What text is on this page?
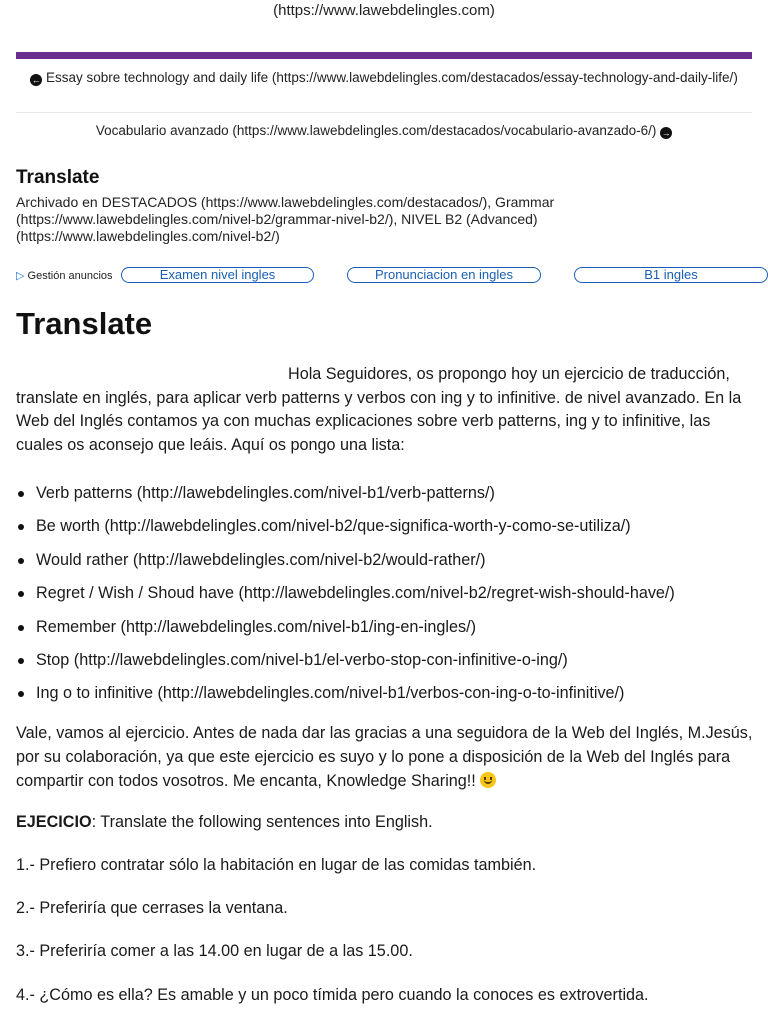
(https://www.lawebdelingles.com)
← Essay sobre technology and daily life (https://www.lawebdelingles.com/destacados/essay-technology-and-daily-life/)
Vocabulario avanzado (https://www.lawebdelingles.com/destacados/vocabulario-avanzado-6/) →
Translate
Archivado en DESTACADOS (https://www.lawebdelingles.com/destacados/), Grammar (https://www.lawebdelingles.com/nivel-b2/grammar-nivel-b2/), NIVEL B2 (Advanced) (https://www.lawebdelingles.com/nivel-b2/)
▷ Gestión anuncios	Examen nivel ingles	Pronunciacion en ingles	B1 ingles
Translate

Hola Seguidores, os propongo hoy un ejercicio de traducción, translate en inglés, para aplicar verb patterns y verbos con ing y to infinitive. de nivel avanzado. En la Web del Inglés contamos ya con muchas explicaciones sobre verb patterns, ing y to infinitive, las cuales os aconsejo que leáis. Aquí os pongo una lista:

Verb patterns (http://lawebdelingles.com/nivel-b1/verb-patterns/)
Be worth (http://lawebdelingles.com/nivel-b2/que-significa-worth-y-como-se-utiliza/)
Would rather (http://lawebdelingles.com/nivel-b2/would-rather/)
Regret / Wish / Shoud have (http://lawebdelingles.com/nivel-b2/regret-wish-should-have/)
Remember (http://lawebdelingles.com/nivel-b1/ing-en-ingles/)
Stop (http://lawebdelingles.com/nivel-b1/el-verbo-stop-con-infinitive-o-ing/)
Ing o to infinitive (http://lawebdelingles.com/nivel-b1/verbos-con-ing-o-to-infinitive/)
Vale, vamos al ejercicio. Antes de nada dar las gracias a una seguidora de la Web del Inglés, M.Jesús, por su colaboración, ya que este ejercicio es suyo y lo pone a disposición de la Web del Inglés para compartir con todos vosotros. Me encanta, Knowledge Sharing!!
EJECICIO: Translate the following sentences into English.
1.- Prefiero contratar sólo la habitación en lugar de las comidas también.
2.- Preferiría que cerrases la ventana.
3.- Preferiría comer a las 14.00 en lugar de a las 15.00.
4.- ¿Cómo es ella? Es amable y un poco tímida pero cuando la conoces es extrovertida.
